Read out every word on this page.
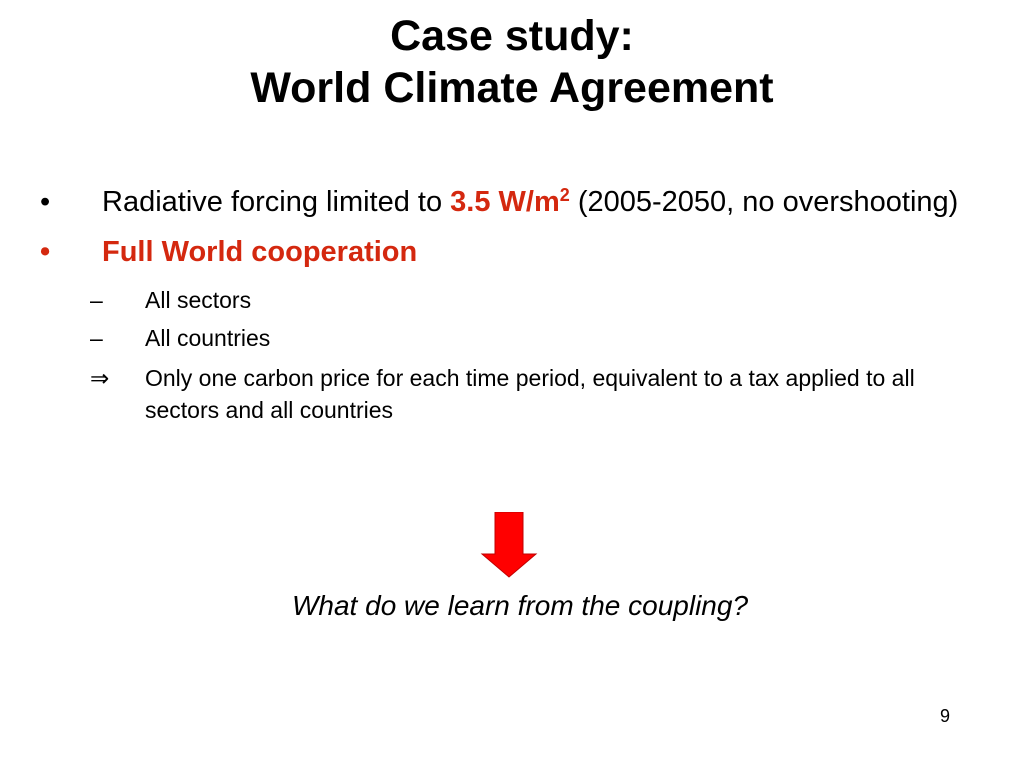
Case study:
World Climate Agreement
•	Radiative forcing limited to 3.5 $W/m^2$ (2005-2050, no overshooting)
•	Full World cooperation
–	All sectors
–	All countries
⇒	Only one carbon price for each time period, equivalent to a tax applied to all sectors and all countries
What do we learn from the coupling?
9
